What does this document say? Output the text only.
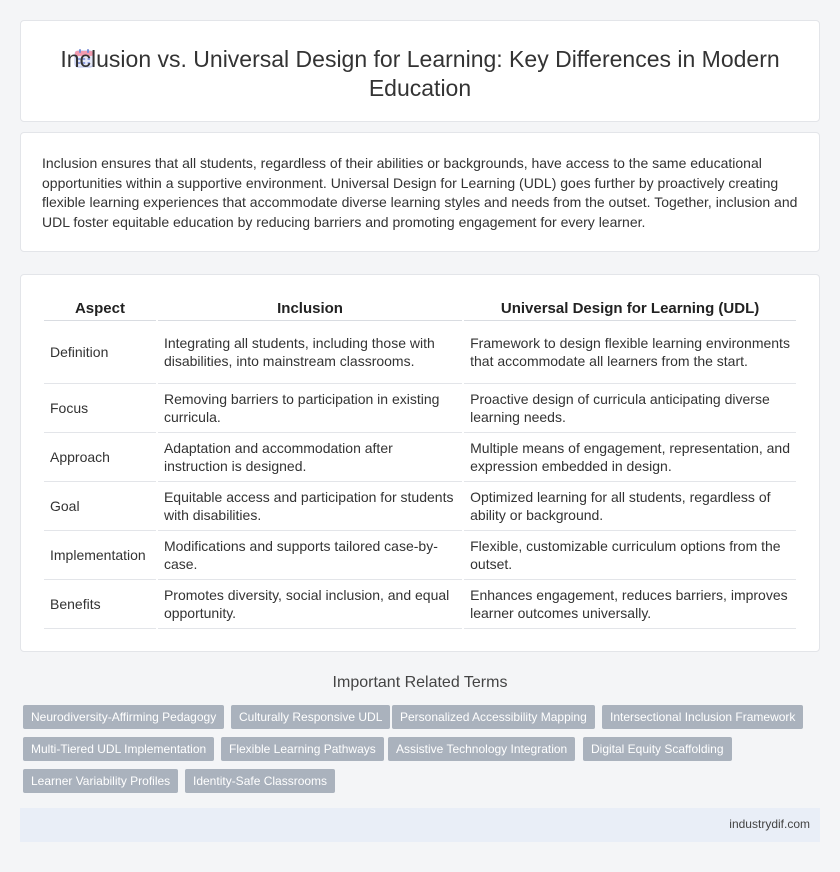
Inclusion vs. Universal Design for Learning: Key Differences in Modern Education

Inclusion ensures that all students, regardless of their abilities or backgrounds, have access to the same educational opportunities within a supportive environment. Universal Design for Learning (UDL) goes further by proactively creating flexible learning experiences that accommodate diverse learning styles and needs from the outset. Together, inclusion and UDL foster equitable education by reducing barriers and promoting engagement for every learner.

Aspect	Inclusion	Universal Design for Learning (UDL)
Definition	Integrating all students, including those with disabilities, into mainstream classrooms.	Framework to design flexible learning environments that accommodate all learners from the start.
Focus	Removing barriers to participation in existing curricula.	Proactive design of curricula anticipating diverse learning needs.
Approach	Adaptation and accommodation after instruction is designed.	Multiple means of engagement, representation, and expression embedded in design.
Goal	Equitable access and participation for students with disabilities.	Optimized learning for all students, regardless of ability or background.
Implementation	Modifications and supports tailored case-by-case.	Flexible, customizable curriculum options from the outset.
Benefits	Promotes diversity, social inclusion, and equal opportunity.	Enhances engagement, reduces barriers, improves learner outcomes universally.
Important Related Terms
Neurodiversity-Affirming Pedagogy	Culturally Responsive UDL	Personalized Accessibility Mapping	Intersectional Inclusion Framework
Multi-Tiered UDL Implementation	Flexible Learning Pathways	Assistive Technology Integration	Digital Equity Scaffolding
Learner Variability Profiles	Identity-Safe Classrooms
industrydif.com
